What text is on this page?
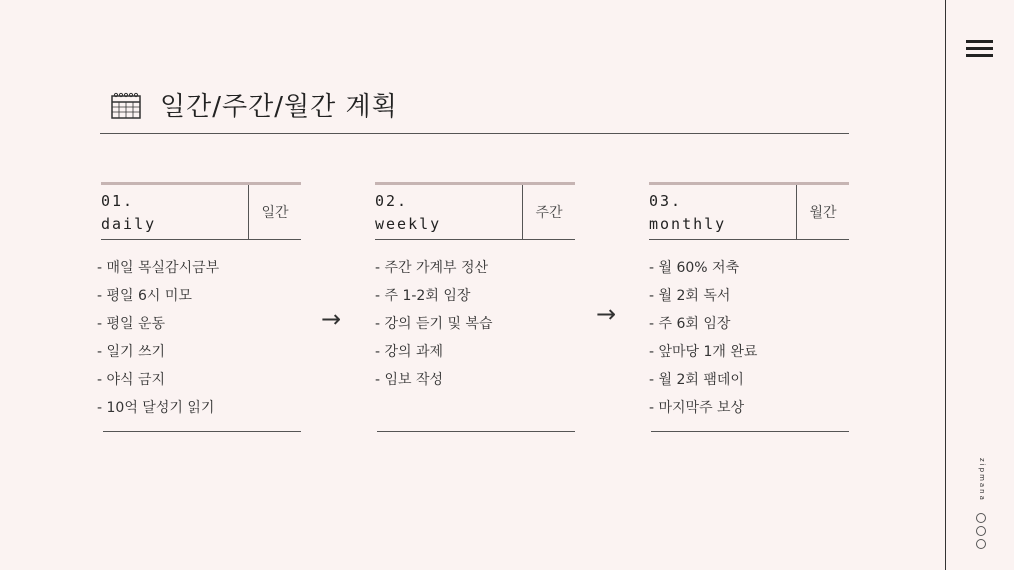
zipmana
일간/주간/월간 계획
01.
daily
일간
- 매일 목실감시금부
- 평일 6시 미모
- 평일 운동
- 일기 쓰기
- 야식 금지
- 10억 달성기 읽기
→
02.
weekly
주간
- 주간 가계부 정산
- 주 1-2회 임장
- 강의 듣기 및 복습
- 강의 과제
- 임보 작성
→
03.
monthly
월간
- 월 60% 저축
- 월 2회 독서
- 주 6회 임장
- 앞마당 1개 완료
- 월 2회 팸데이
- 마지막주 보상
